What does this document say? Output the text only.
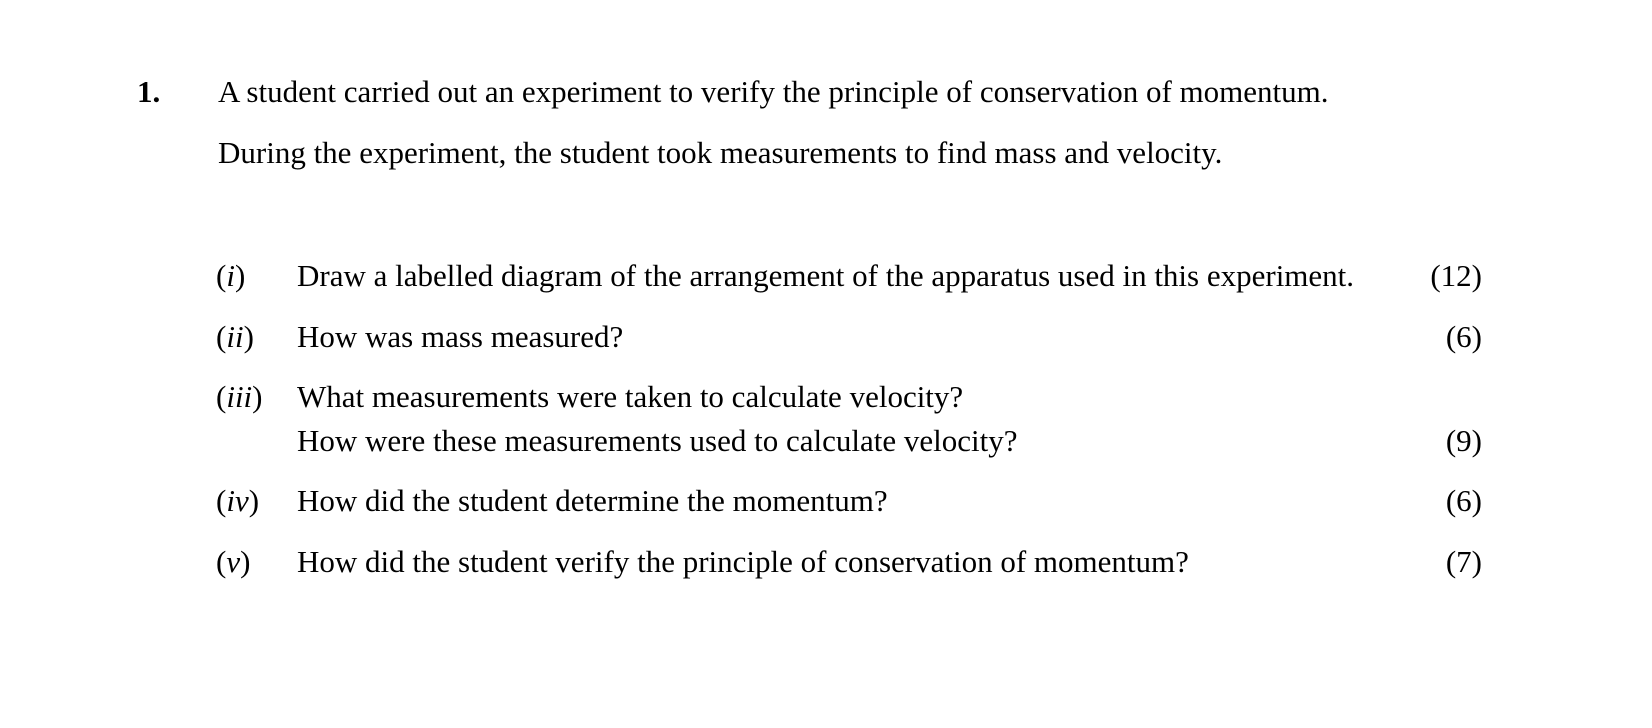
1. A student carried out an experiment to verify the principle of conservation of momentum.
During the experiment, the student took measurements to find mass and velocity.
(i) Draw a labelled diagram of the arrangement of the apparatus used in this experiment. (12)
(ii) How was mass measured?	(6)
(iii) What measurements were taken to calculate velocity?
How were these measurements used to calculate velocity?	(9)
(iv) How did the student determine the momentum?	(6)
(v) How did the student verify the principle of conservation of momentum?	(7)
